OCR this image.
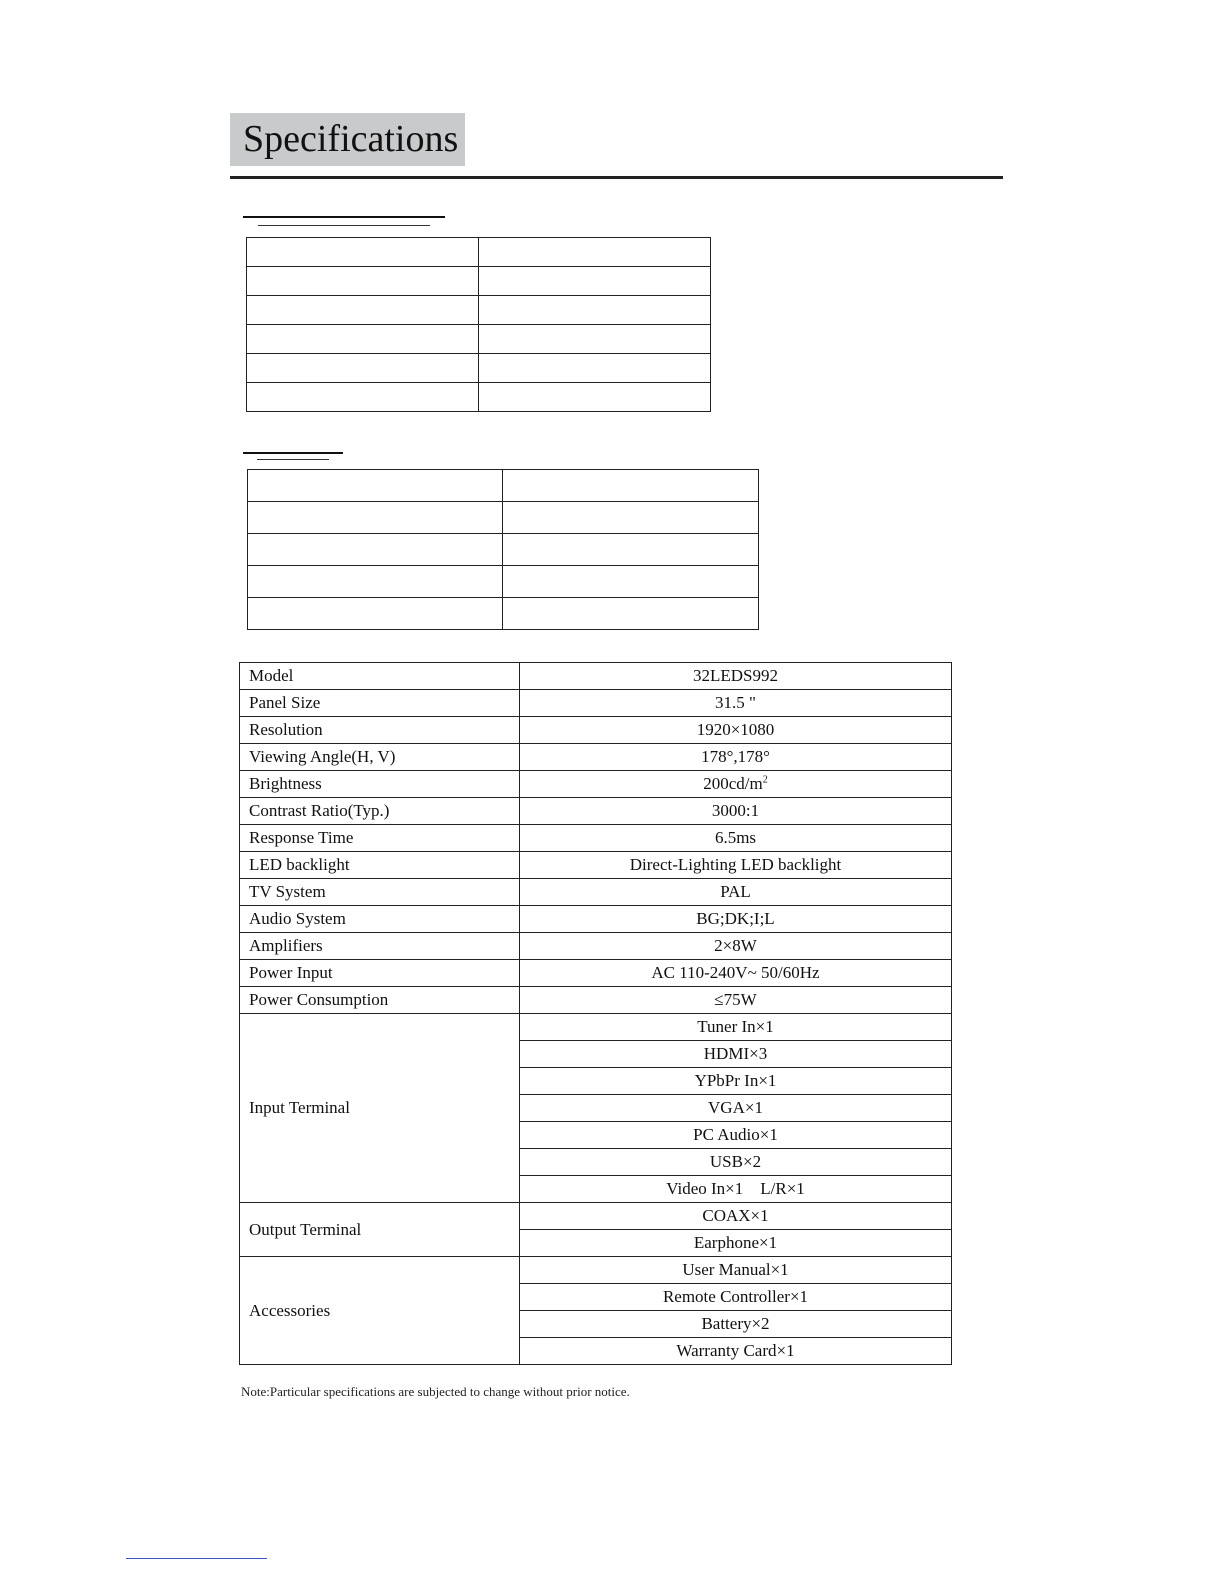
Specifications

Model	32LEDS992
Panel Size	31.5 "
Resolution	1920×1080
Viewing Angle(H, V)	178°,178°
Brightness	$200cd/m^2$
Contrast Ratio(Typ.)	3000:1
Response Time	6.5ms
LED backlight	Direct-Lighting LED backlight
TV System	PAL
Audio System	BG;DK;I;L
Amplifiers	2×8W
Power Input	AC 110-240V~ 50/60Hz
Power Consumption	≤75W
Input Terminal	Tuner In×1
	HDMI×3
	YPbPr In×1
	VGA×1
	PC Audio×1
	USB×2
	Video In×1    L/R×1
Output Terminal	COAX×1
	Earphone×1
Accessories	User Manual×1
	Remote Controller×1
	Battery×2
	Warranty Card×1
Note:Particular specifications are subjected to change without prior notice.
